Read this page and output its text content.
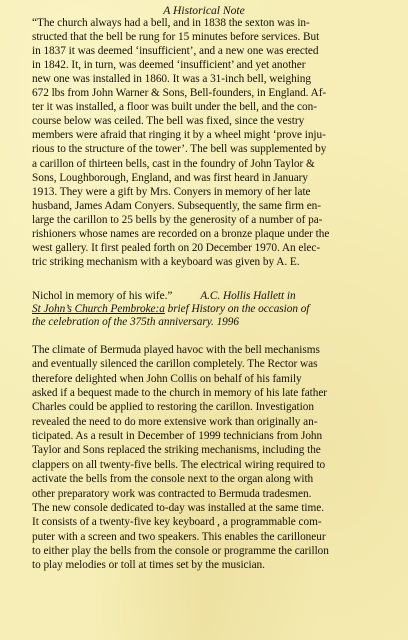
A Historical Note
“The church always had a bell, and in 1838 the sexton was in-
structed that the bell be rung for 15 minutes before services. But
in 1837 it was deemed ‘insufficient’, and a new one was erected
in 1842. It, in turn, was deemed ‘insufficient’ and yet another
new one was installed in 1860. It was a 31-inch bell, weighing
672 lbs from John Warner & Sons, Bell-founders, in England. Af-
ter it was installed, a floor was built under the bell, and the con-
course below was ceiled. The bell was fixed, since the vestry
members were afraid that ringing it by a wheel might ‘prove inju-
rious to the structure of the tower’. The bell was supplemented by
a carillon of thirteen bells, cast in the foundry of John Taylor &
Sons, Loughborough, England, and was first heard in January
1913. They were a gift by Mrs. Conyers in memory of her late
husband, James Adam Conyers. Subsequently, the same firm en-
large the carillon to 25 bells by the generosity of a number of pa-
rishioners whose names are recorded on a bronze plaque under the
west gallery. It first pealed forth on 20 December 1970. An elec-
tric striking mechanism with a keyboard was given by A. E.
Nichol in memory of his wife.” A.C. Hollis Hallett in
St John’s Church Pembroke:a brief History on the occasion of
the celebration of the 375th anniversary. 1996
The climate of Bermuda played havoc with the bell mechanisms
and eventually silenced the carillon completely. The Rector was
therefore delighted when John Collis on behalf of his family
asked if a bequest made to the church in memory of his late father
Charles could be applied to restoring the carillon. Investigation
revealed the need to do more extensive work than originally an-
ticipated. As a result in December of 1999 technicians from John
Taylor and Sons replaced the striking mechanisms, including the
clappers on all twenty-five bells. The electrical wiring required to
activate the bells from the console next to the organ along with
other preparatory work was contracted to Bermuda tradesmen.
The new console dedicated to-day was installed at the same time.
It consists of a twenty-five key keyboard , a programmable com-
puter with a screen and two speakers. This enables the carilloneur
to either play the bells from the console or programme the carillon
to play melodies or toll at times set by the musician.
